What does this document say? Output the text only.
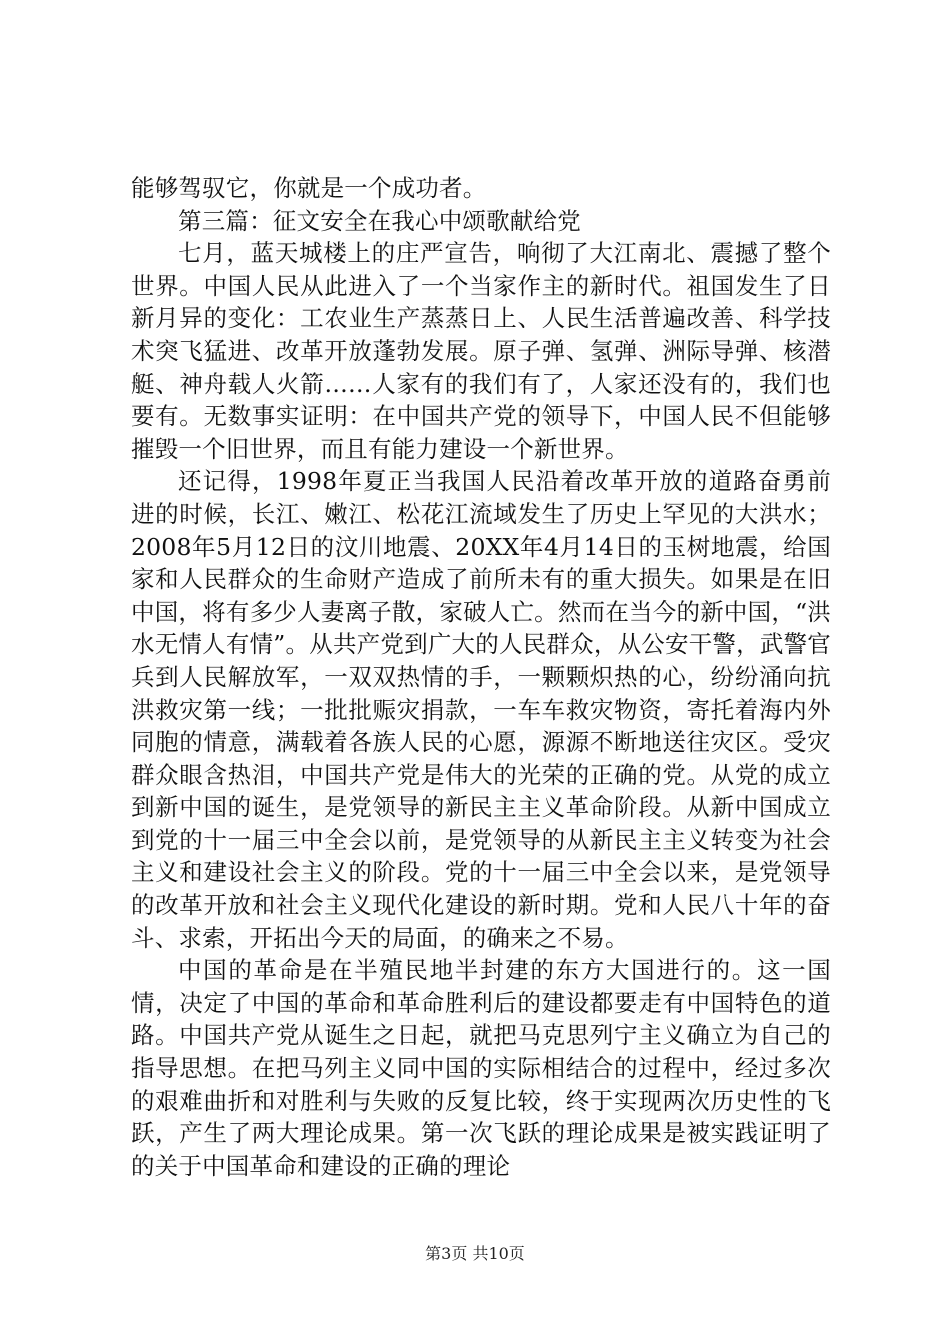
能够驾驭它，你就是一个成功者。

第三篇：征文安全在我心中颂歌献给党

七月，蓝天城楼上的庄严宣告，响彻了大江南北、震撼了整个世界。中国人民从此进入了一个当家作主的新时代。祖国发生了日新月异的变化：工农业生产蒸蒸日上、人民生活普遍改善、科学技术突飞猛进、改革开放蓬勃发展。原子弹、氢弹、洲际导弹、核潜艇、神舟载人火箭……人家有的我们有了，人家还没有的，我们也要有。无数事实证明：在中国共产党的领导下，中国人民不但能够摧毁一个旧世界，而且有能力建设一个新世界。

还记得，1998年夏正当我国人民沿着改革开放的道路奋勇前进的时候，长江、嫩江、松花江流域发生了历史上罕见的大洪水；2008年5月12日的汶川地震、20XX年4月14日的玉树地震，给国家和人民群众的生命财产造成了前所未有的重大损失。如果是在旧中国，将有多少人妻离子散，家破人亡。然而在当今的新中国，“洪水无情人有情”。从共产党到广大的人民群众，从公安干警，武警官兵到人民解放军，一双双热情的手，一颗颗炽热的心，纷纷涌向抗洪救灾第一线；一批批赈灾捐款，一车车救灾物资，寄托着海内外同胞的情意，满载着各族人民的心愿，源源不断地送往灾区。受灾群众眼含热泪，中国共产党是伟大的光荣的正确的党。从党的成立到新中国的诞生，是党领导的新民主主义革命阶段。从新中国成立到党的十一届三中全会以前，是党领导的从新民主主义转变为社会主义和建设社会主义的阶段。党的十一届三中全会以来，是党领导的改革开放和社会主义现代化建设的新时期。党和人民八十年的奋斗、求索，开拓出今天的局面，的确来之不易。

中国的革命是在半殖民地半封建的东方大国进行的。这一国情，决定了中国的革命和革命胜利后的建设都要走有中国特色的道路。中国共产党从诞生之日起，就把马克思列宁主义确立为自己的指导思想。在把马列主义同中国的实际相结合的过程中，经过多次的艰难曲折和对胜利与失败的反复比较，终于实现两次历史性的飞跃，产生了两大理论成果。第一次飞跃的理论成果是被实践证明了的关于中国革命和建设的正确的理论

第3页 共10页
